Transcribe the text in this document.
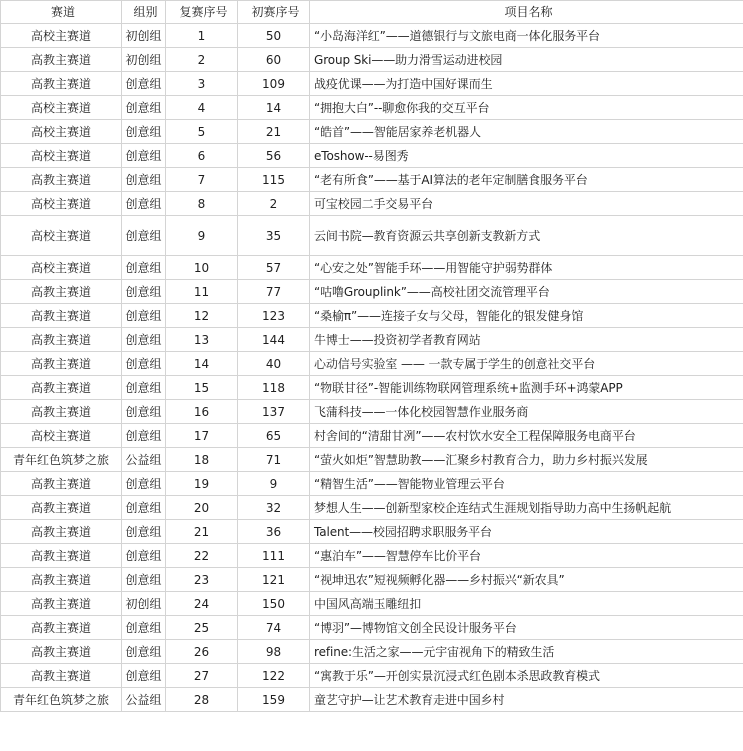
赛道	组别	复赛序号	初赛序号	项目名称
高校主赛道	初创组	1	50	“小岛海洋红”——道德银行与文旅电商一体化服务平台
高教主赛道	初创组	2	60	Group Ski——助力滑雪运动进校园
高教主赛道	创意组	3	109	战疫优课——为打造中国好课而生
高校主赛道	创意组	4	14	“拥抱大白”--聊愈你我的交互平台
高校主赛道	创意组	5	21	“皓首”——智能居家养老机器人
高校主赛道	创意组	6	56	eToshow--易图秀
高教主赛道	创意组	7	115	“老有所食”——基于AI算法的老年定制膳食服务平台
高校主赛道	创意组	8	2	可宝校园二手交易平台
高校主赛道	创意组	9	35	云间书院—教育资源云共享创新支教新方式
高校主赛道	创意组	10	57	“心安之处”智能手环——用智能守护弱势群体
高教主赛道	创意组	11	77	“咕噜Grouplink”——高校社团交流管理平台
高教主赛道	创意组	12	123	“桑榆π”——连接子女与父母，智能化的银发健身馆
高教主赛道	创意组	13	144	牛博士——投资初学者教育网站
高教主赛道	创意组	14	40	心动信号实验室 —— 一款专属于学生的创意社交平台
高教主赛道	创意组	15	118	“物联甘径”-智能训练物联网管理系统+监测手环+鸿蒙APP
高教主赛道	创意组	16	137	飞蒲科技——一体化校园智慧作业服务商
高校主赛道	创意组	17	65	村舍间的“清甜甘冽”——农村饮水安全工程保障服务电商平台
青年红色筑梦之旅	公益组	18	71	“萤火如炬”智慧助教——汇聚乡村教育合力，助力乡村振兴发展
高教主赛道	创意组	19	9	“精智生活”——智能物业管理云平台
高教主赛道	创意组	20	32	梦想人生——创新型家校企连结式生涯规划指导助力高中生扬帆起航
高教主赛道	创意组	21	36	Talent——校园招聘求职服务平台
高教主赛道	创意组	22	111	“惠泊车”——智慧停车比价平台
高教主赛道	创意组	23	121	“视坤迅农”短视频孵化器——乡村振兴“新农具”
高教主赛道	初创组	24	150	中国风高端玉雕纽扣
高教主赛道	创意组	25	74	“博羽”—博物馆文创全民设计服务平台
高教主赛道	创意组	26	98	refine:生活之家——元宇宙视角下的精致生活
高教主赛道	创意组	27	122	“寓教于乐”—开创实景沉浸式红色剧本杀思政教育模式
青年红色筑梦之旅	公益组	28	159	童艺守护—让艺术教育走进中国乡村
